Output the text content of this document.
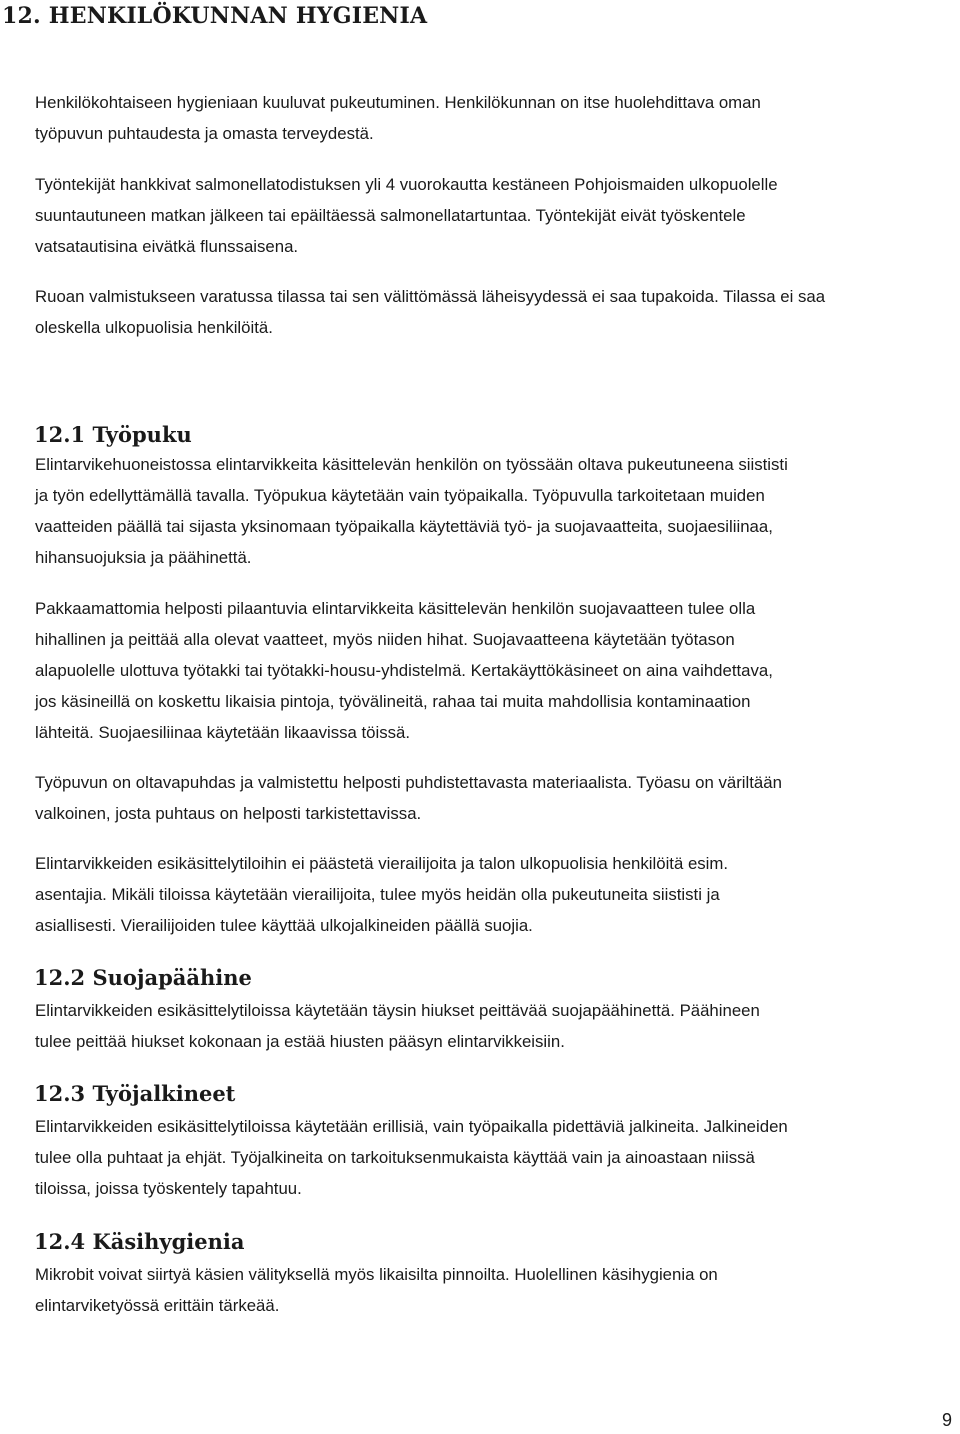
12. HENKILÖKUNNAN HYGIENIA
Henkilökohtaiseen hygieniaan kuuluvat pukeutuminen. Henkilökunnan on itse huolehdittava oman
työpuvun puhtaudesta ja omasta terveydestä.
Työntekijät hankkivat salmonellatodistuksen yli 4 vuorokautta kestäneen Pohjoismaiden ulkopuolelle
suuntautuneen matkan jälkeen tai epäiltäessä salmonellatartuntaa. Työntekijät eivät työskentele
vatsatautisina eivätkä flunssaisena.
Ruoan valmistukseen varatussa tilassa tai sen välittömässä läheisyydessä ei saa tupakoida. Tilassa ei saa
oleskella ulkopuolisia henkilöitä.
12.1 Työpuku
Elintarvikehuoneistossa elintarvikkeita käsittelevän henkilön on työssään oltava pukeutuneena siististi
ja työn edellyttämällä tavalla. Työpukua käytetään vain työpaikalla. Työpuvulla tarkoitetaan muiden
vaatteiden päällä tai sijasta yksinomaan työpaikalla käytettäviä työ- ja suojavaatteita, suojaesiliinaa,
hihansuojuksia ja päähinettä.
Pakkaamattomia helposti pilaantuvia elintarvikkeita käsittelevän henkilön suojavaatteen tulee olla
hihallinen ja peittää alla olevat vaatteet, myös niiden hihat. Suojavaatteena käytetään työtason
alapuolelle ulottuva työtakki tai työtakki-housu-yhdistelmä. Kertakäyttökäsineet on aina vaihdettava,
jos käsineillä on koskettu likaisia pintoja, työvälineitä, rahaa tai muita mahdollisia kontaminaation
lähteitä. Suojaesiliinaa käytetään likaavissa töissä.
Työpuvun on oltavapuhdas ja valmistettu helposti puhdistettavasta materiaalista. Työasu on väriltään
valkoinen, josta puhtaus on helposti tarkistettavissa.
Elintarvikkeiden esikäsittelytiloihin ei päästetä vierailijoita ja talon ulkopuolisia henkilöitä esim.
asentajia. Mikäli tiloissa käytetään vierailijoita, tulee myös heidän olla pukeutuneita siististi ja
asiallisesti. Vierailijoiden tulee käyttää ulkojalkineiden päällä suojia.
12.2 Suojapäähine
Elintarvikkeiden esikäsittelytiloissa käytetään täysin hiukset peittävää suojapäähinettä. Päähineen
tulee peittää hiukset kokonaan ja estää hiusten pääsyn elintarvikkeisiin.
12.3 Työjalkineet
Elintarvikkeiden esikäsittelytiloissa käytetään erillisiä, vain työpaikalla pidettäviä jalkineita. Jalkineiden
tulee olla puhtaat ja ehjät. Työjalkineita on tarkoituksenmukaista käyttää vain ja ainoastaan niissä
tiloissa, joissa työskentely tapahtuu.
12.4 Käsihygienia
Mikrobit voivat siirtyä käsien välityksellä myös likaisilta pinnoilta. Huolellinen käsihygienia on
elintarviketyössä erittäin tärkeää.
9
